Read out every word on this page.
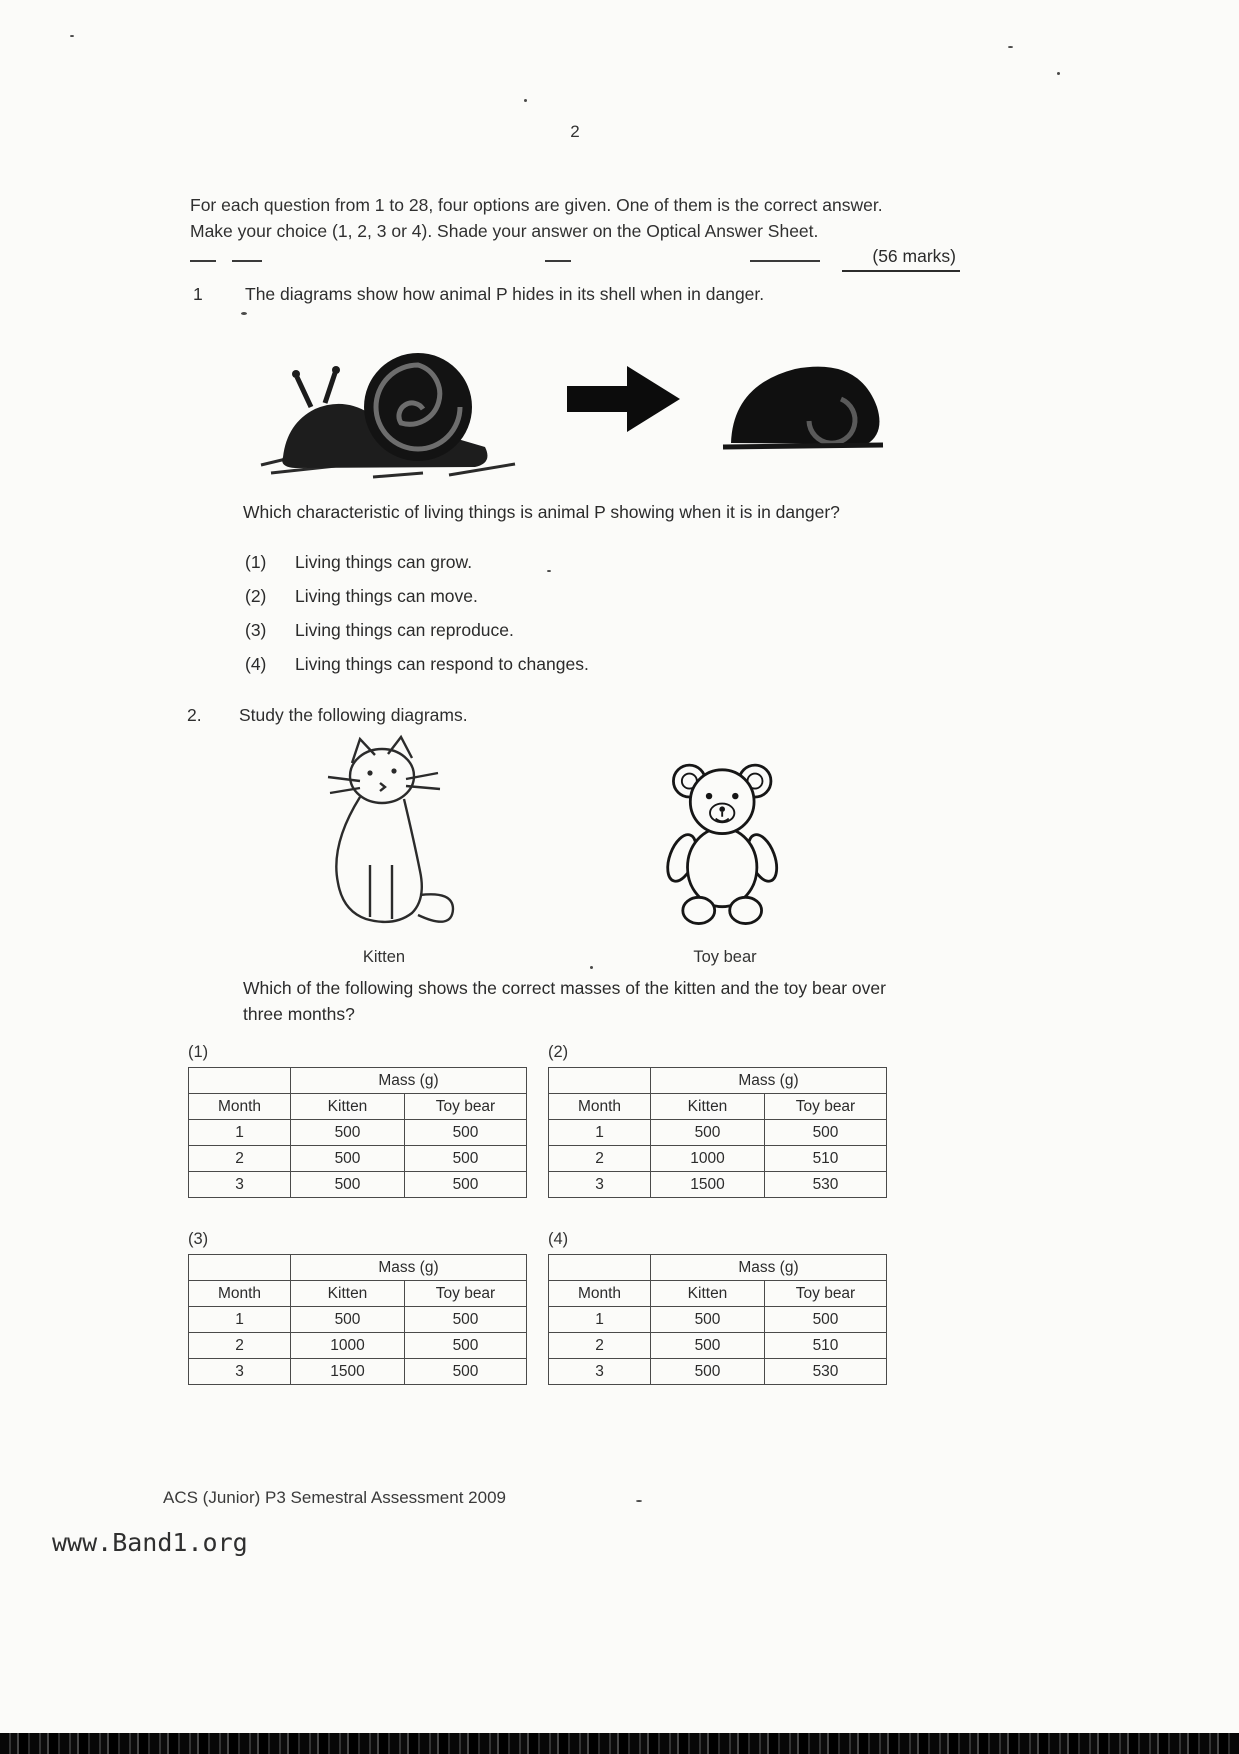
2
For each question from 1 to 28, four options are given. One of them is the correct answer.
Make your choice (1, 2, 3 or 4). Shade your answer on the Optical Answer Sheet.
(56 marks)
1	The diagrams show how animal P hides in its shell when in danger.
Which characteristic of living things is animal P showing when it is in danger?
(1)	Living things can grow.
(2)	Living things can move.
(3)	Living things can reproduce.
(4)	Living things can respond to changes.
2.	Study the following diagrams.
Kitten	Toy bear
Which of the following shows the correct masses of the kitten and the toy bear over three months?
(1)
	Mass (g)	
Month	Kitten	Toy bear
1	500	500
2	500	500
3	500	500
(2)
	Mass (g)	
Month	Kitten	Toy bear
1	500	500
2	1000	510
3	1500	530
(3)
	Mass (g)	
Month	Kitten	Toy bear
1	500	500
2	1000	500
3	1500	500
(4)
	Mass (g)	
Month	Kitten	Toy bear
1	500	500
2	500	510
3	500	530
ACS (Junior) P3 Semestral Assessment 2009
www.Band1.org
